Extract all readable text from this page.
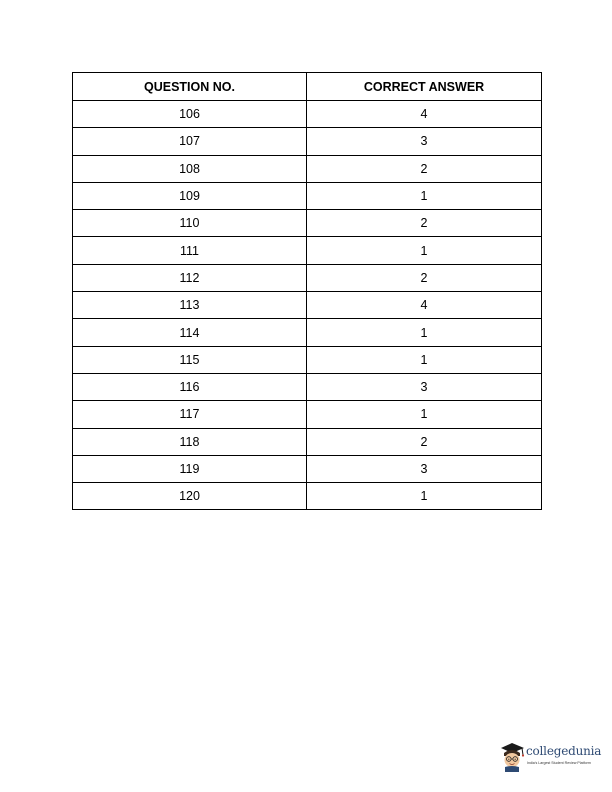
QUESTION NO.	CORRECT ANSWER
106	4
107	3
108	2
109	1
110	2
111	1
112	2
113	4
114	1
115	1
116	3
117	1
118	2
119	3
120	1
collegedunia
India's Largest Student Review Platform
